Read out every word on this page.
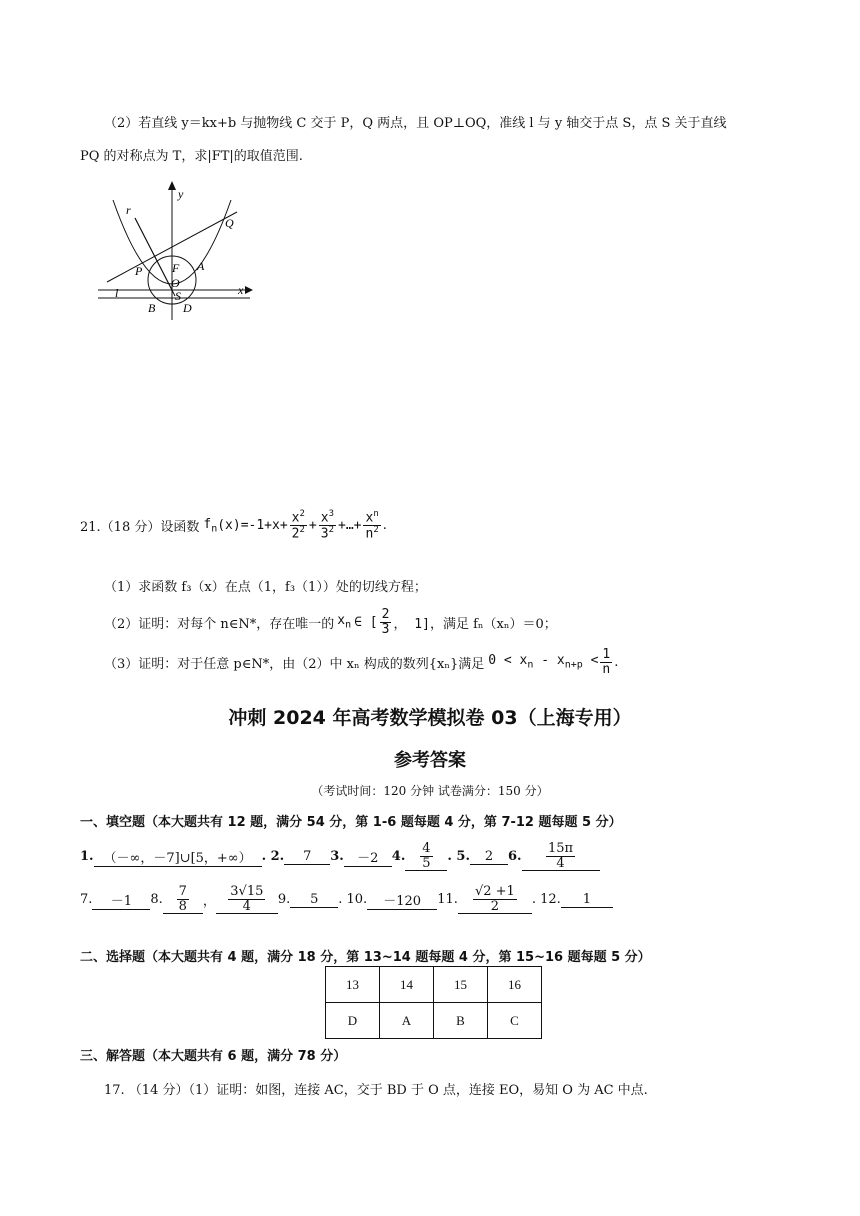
（2）若直线 y＝kx+b 与抛物线 C 交于 P，Q 两点，且 OP⊥OQ，准线 l 与 y 轴交于点 S，点 S 关于直线
PQ 的对称点为 T，求|FT|的取值范围.
y
x
r
Q
P F A
O
S
l
B D
21.（18 分）设函数 $f_n$ $(x)=-1+x+ \frac{x^2}{2^2} + \frac{x^3}{3^2}$ +…+ $\frac{x^n}{n^2}$ .
（1）求函数 f₃（x）在点（1，f₃（1））处的切线方程；
（2）证明：对每个 n∈N*，存在唯一的 $x_n$ ∈ [ $\frac{2}{3}$ ， 1] ，满足 fₙ（xₙ）＝0；
（3）证明：对于任意 p∈N*，由（2）中 xₙ 构成的数列{xₙ}满足 $0 < x_n - x_{n+p} < \frac{1}{n}$ .
冲刺 2024 年高考数学模拟卷 03（上海专用）
参考答案
（考试时间：120 分钟 试卷满分：150 分）
一、填空题（本大题共有 12 题，满分 54 分，第 1-6 题每题 4 分，第 7-12 题每题 5 分）
1. （－∞，－7]∪[5，+∞） . 2.	7	3.	－2	4. $\frac{4}{5}$ . 5.	2	6. $\frac{15\pi}{4}$
7.	－1	8. $\frac{7}{8}$ ， $\frac{3√15}{4} 9$.	5	. 10.	－120	11. $\frac{√2 +1}{2}$ . 12.	1
二、选择题（本大题共有 4 题，满分 18 分，第 13~14 题每题 4 分，第 15~16 题每题 5 分）
13	14	15	16
D	A	B	C
三、解答题（本大题共有 6 题，满分 78 分）
17. （14 分）（1）证明：如图，连接 AC，交于 BD 于 O 点，连接 EO，易知 O 为 AC 中点.
